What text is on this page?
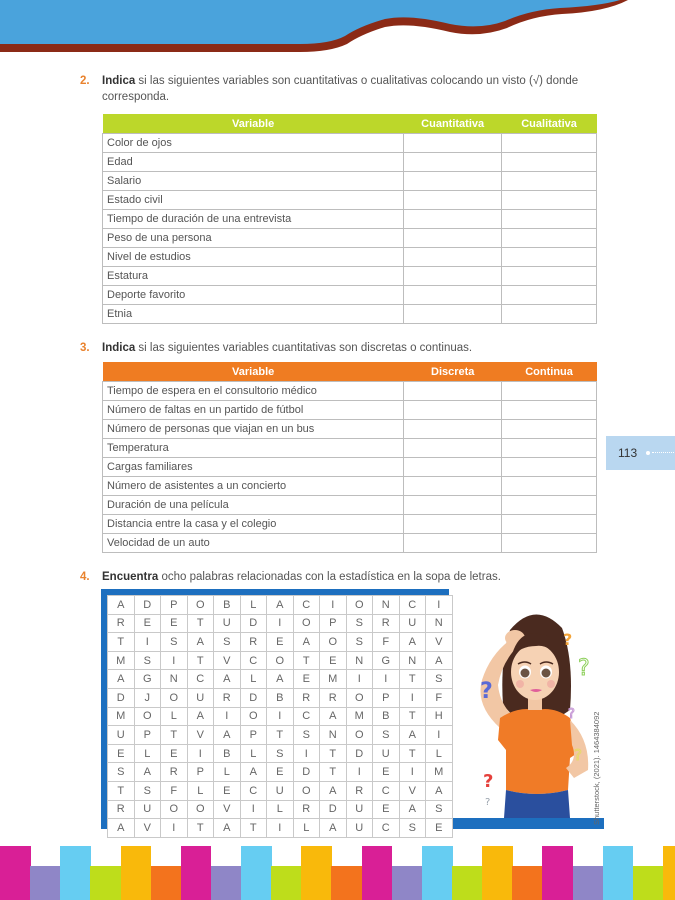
2. Indica si las siguientes variables son cuantitativas o cualitativas colocando un visto (√) donde
corresponda.
Variable	Cuantitativa	Cualitativa
Color de ojos		
Edad		
Salario		
Estado civil		
Tiempo de duración de una entrevista		
Peso de una persona		
Nivel de estudios		
Estatura		
Deporte favorito		
Etnia		
3. Indica si las siguientes variables cuantitativas son discretas o continuas.
Variable	Discreta	Continua
Tiempo de espera en el consultorio médico		
Número de faltas en un partido de fútbol		
Número de personas que viajan en un bus		
Temperatura		
Cargas familiares		
Número de asistentes a un concierto		
Duración de una película		
Distancia entre la casa y el colegio		
Velocidad de un auto		
113
4. Encuentra ocho palabras relacionadas con la estadística en la sopa de letras.
A	D	P	O	B	L	A	C	I	O	N	C	I
R	E	E	T	U	D	I	O	P	S	R	U	N
T	I	S	A	S	R	E	A	O	S	F	A	V
M	S	I	T	V	C	O	T	E	N	G	N	A
A	G	N	C	A	L	A	E	M	I	I	T	S
D	J	O	U	R	D	B	R	R	O	P	I	F
M	O	L	A	I	O	I	C	A	M	B	T	H
U	P	T	V	A	P	T	S	N	O	S	A	I
E	L	E	I	B	L	S	I	T	D	U	T	L
S	A	R	P	L	A	E	D	T	I	E	I	M
T	S	F	L	E	C	U	O	A	R	C	V	A
R	U	O	O	V	I	L	R	D	U	E	A	S
A	V	I	T	A	T	I	L	A	U	C	S	E
?
?
?
?
?
?
? Shutterstock, (2021). 1464384092
